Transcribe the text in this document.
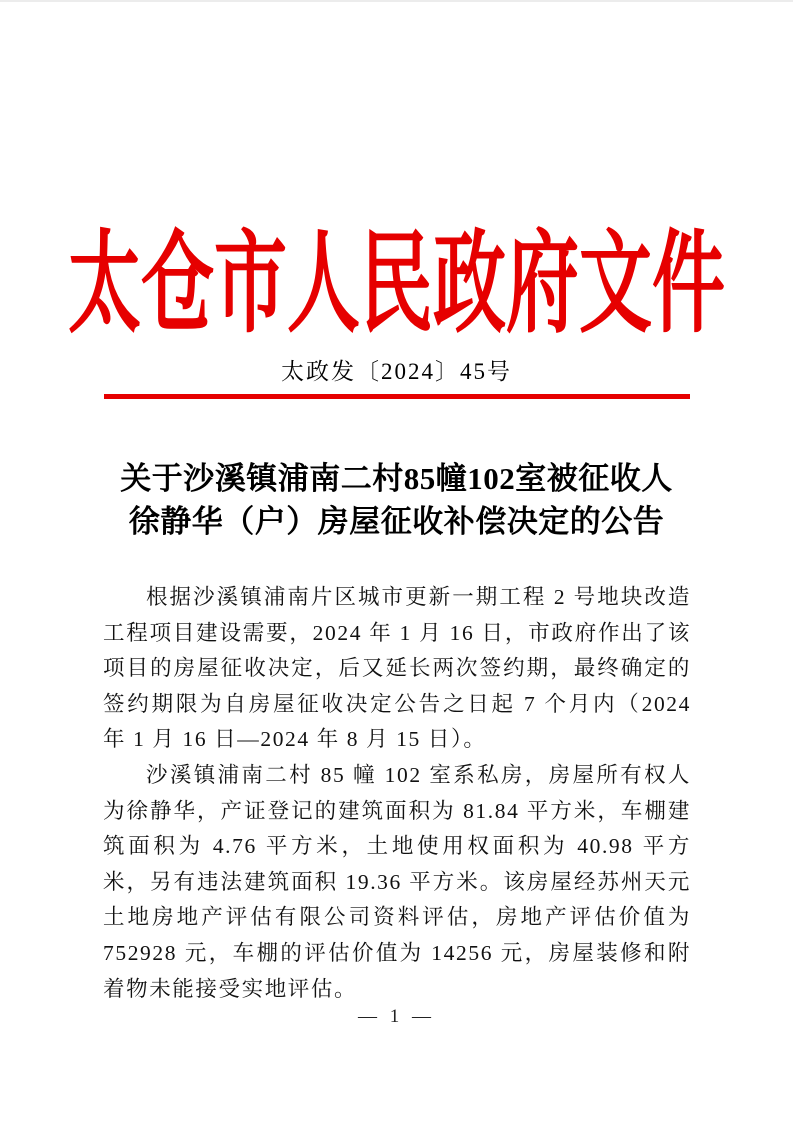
太仓市人民政府文件
太政发〔2024〕45号
关于沙溪镇浦南二村85幢102室被征收人
徐静华（户）房屋征收补偿决定的公告

根据沙溪镇浦南片区城市更新一期工程 2 号地块改造工程项目建设需要，2024 年 1 月 16 日，市政府作出了该项目的房屋征收决定，后又延长两次签约期，最终确定的签约期限为自房屋征收决定公告之日起 7 个月内（2024 年 1 月 16 日—2024 年 8 月 15 日）。

沙溪镇浦南二村 85 幢 102 室系私房，房屋所有权人为徐静华，产证登记的建筑面积为 81.84 平方米，车棚建筑面积为 4.76 平方米，土地使用权面积为 40.98 平方米，另有违法建筑面积 19.36 平方米。该房屋经苏州天元土地房地产评估有限公司资料评估，房地产评估价值为 752928 元，车棚的评估价值为 14256 元，房屋装修和附着物未能接受实地评估。

— 1 —
